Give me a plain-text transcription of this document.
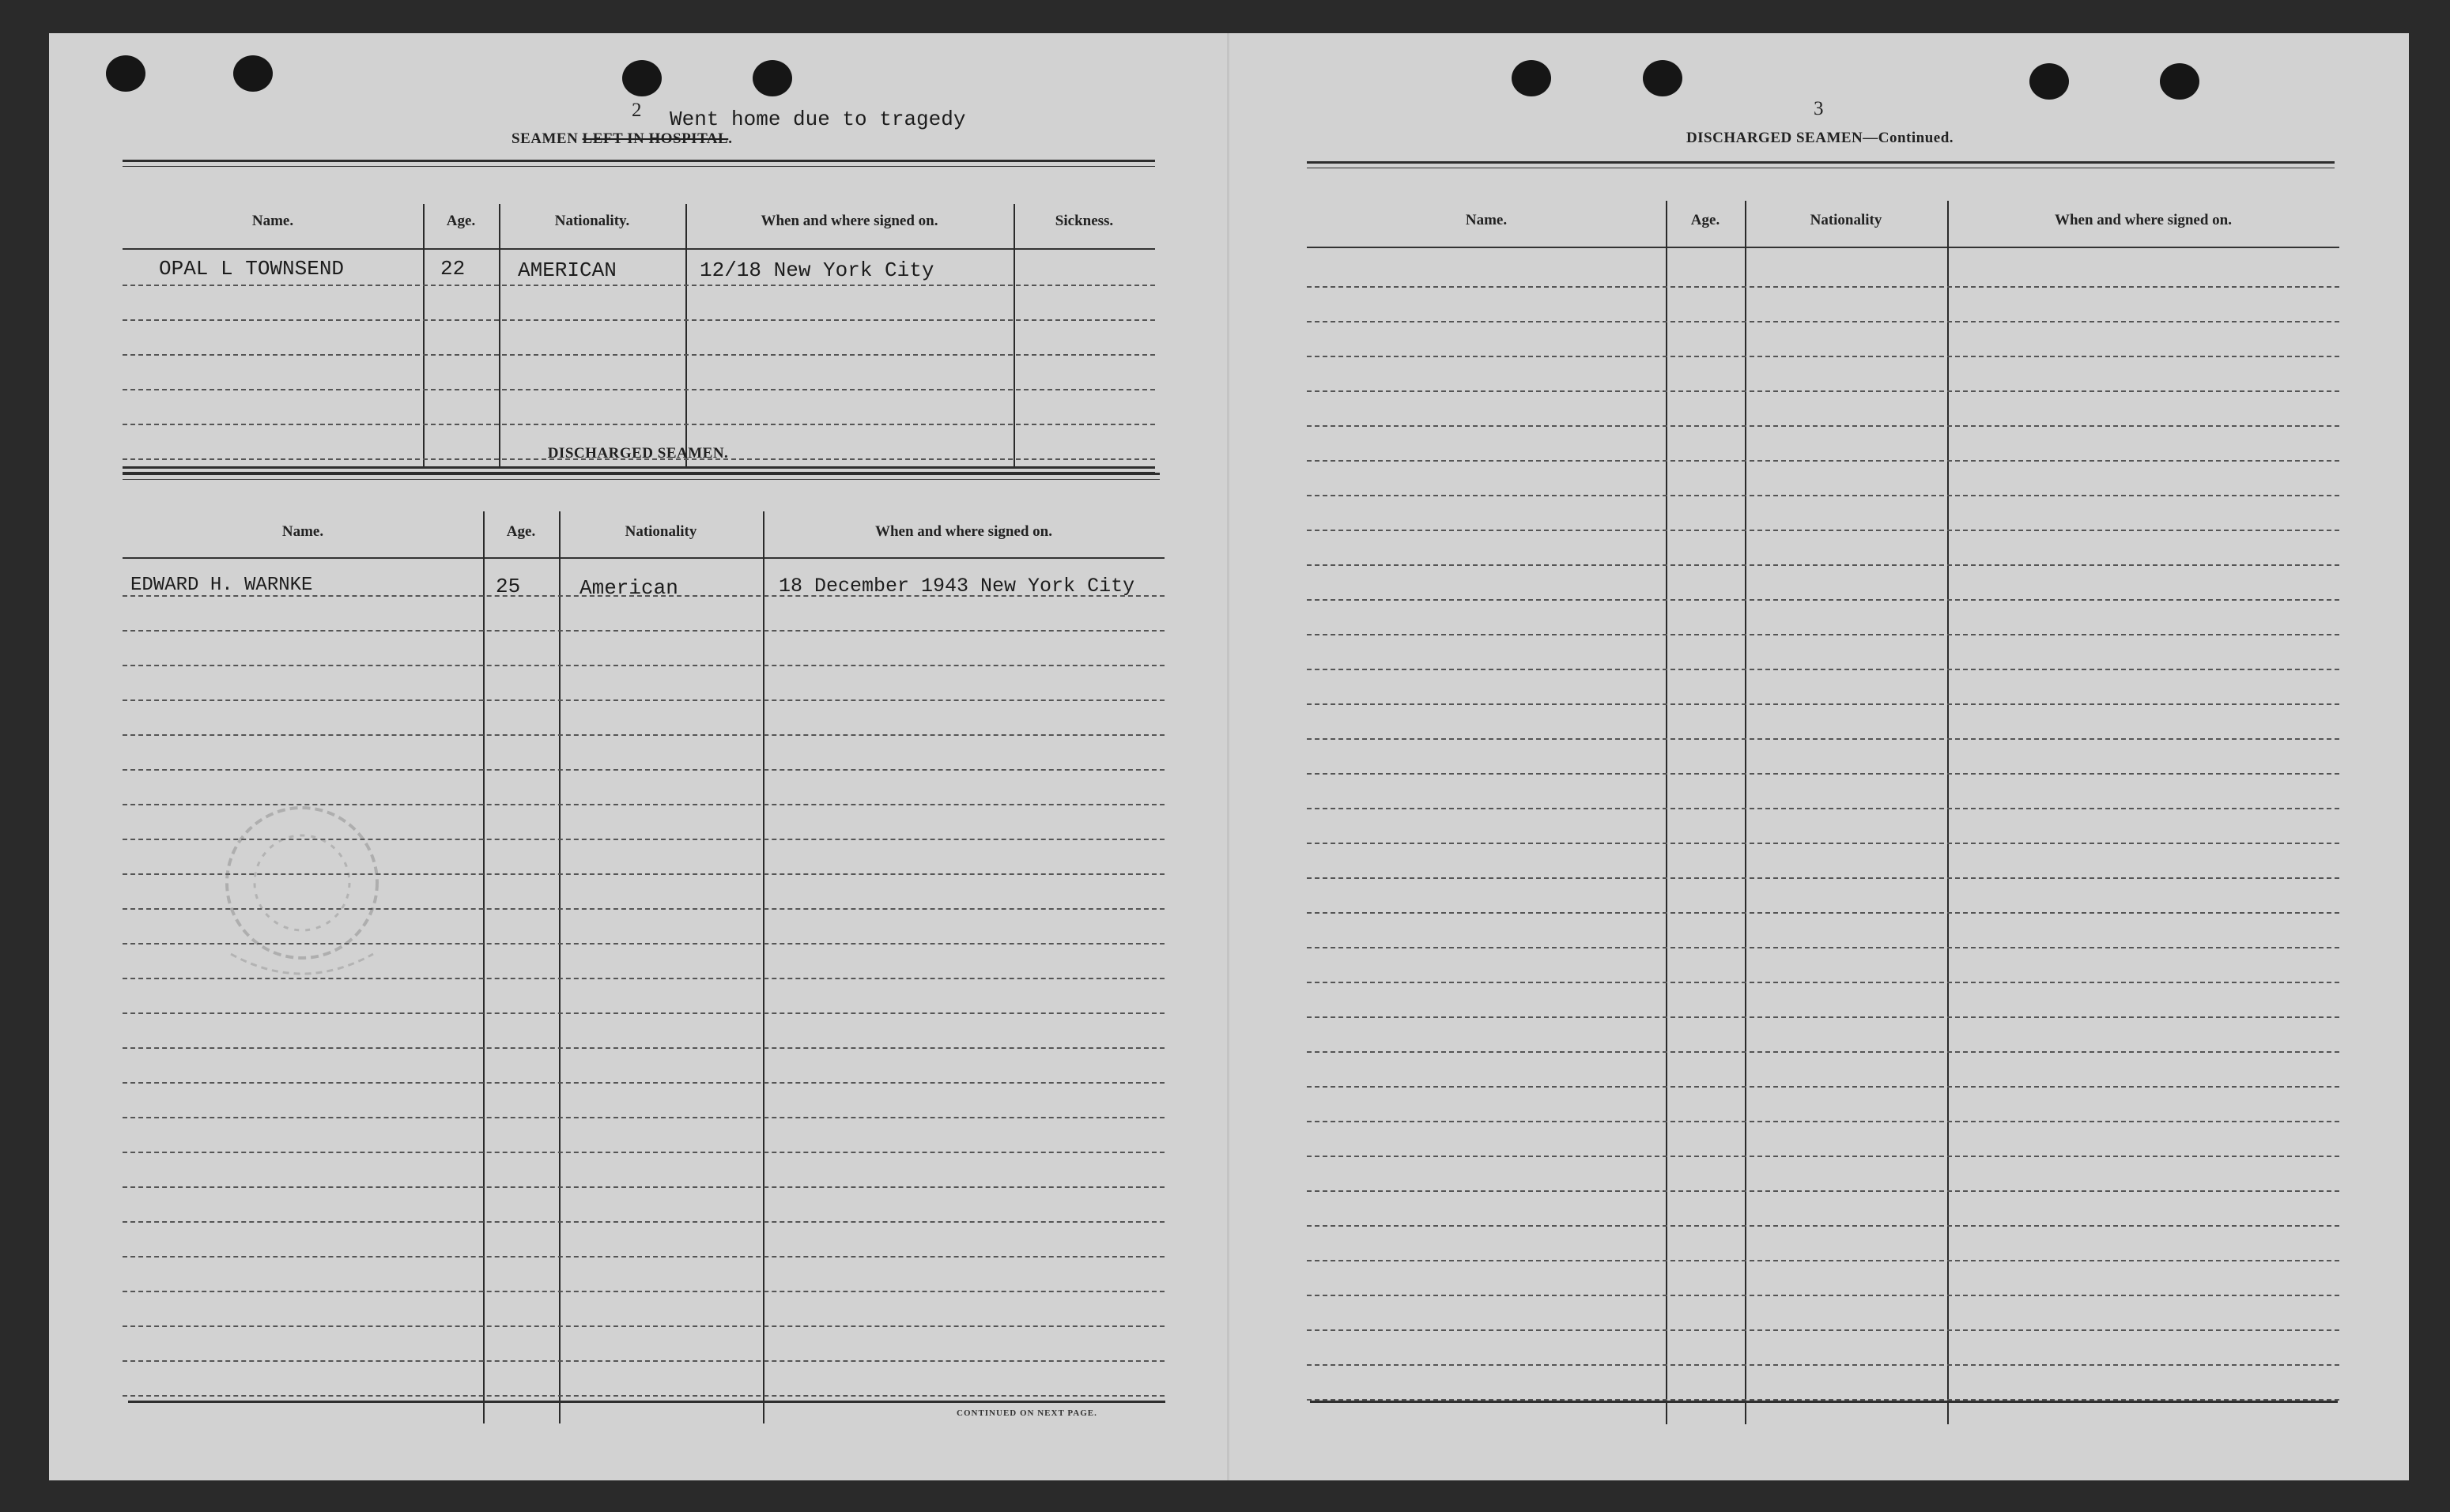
2 Went home due to tragedy
SEAMEN LEFT IN HOSPITAL.
Name.	Age.	Nationality.	When and where signed on.	Sickness.
OPAL L TOWNSEND	22	AMERICAN	12/18 New York City
DISCHARGED SEAMEN.
Name.	Age.	Nationality	When and where signed on.
EDWARD H. WARNKE	25	American	18 December 1943 New York City
CONTINUED ON NEXT PAGE.
3
DISCHARGED SEAMEN—Continued.
Name.	Age.	Nationality	When and where signed on.
